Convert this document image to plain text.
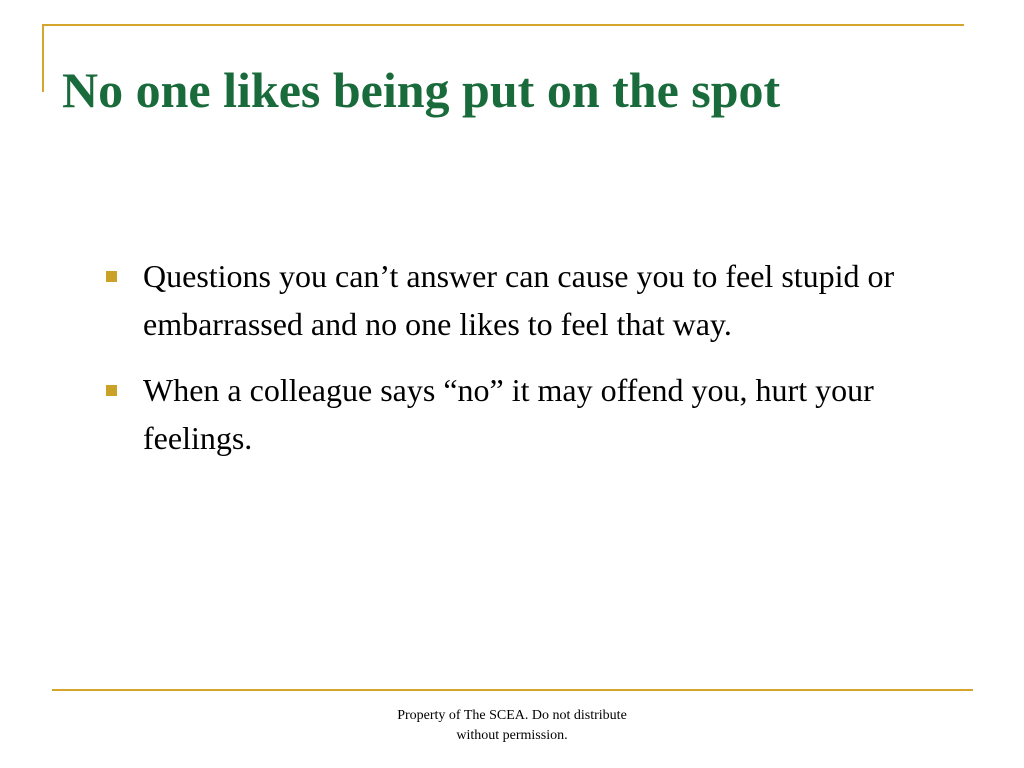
No one likes being put on the spot
Questions you can’t answer can cause you to feel stupid or embarrassed and no one likes to feel that way.
When a colleague says “no” it may offend you, hurt your feelings.
Property of The SCEA. Do not distribute
without permission.
